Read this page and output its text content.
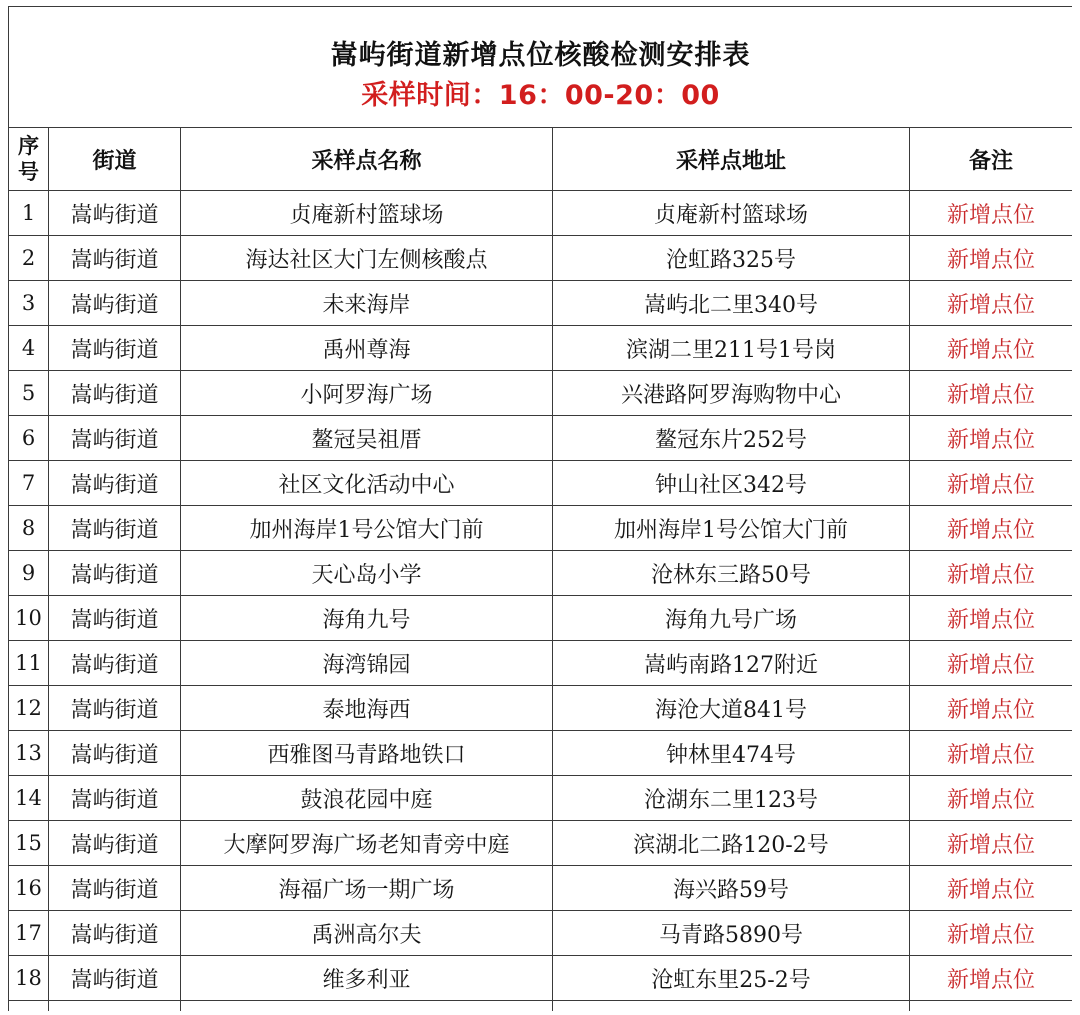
嵩屿街道新增点位核酸检测安排表
采样时间：16：00-20：00				

序号	街道	采样点名称	采样点地址	备注
1	嵩屿街道	贞庵新村篮球场	贞庵新村篮球场	新增点位
2	嵩屿街道	海达社区大门左侧核酸点	沧虹路325号	新增点位
3	嵩屿街道	未来海岸	嵩屿北二里340号	新增点位
4	嵩屿街道	禹州尊海	滨湖二里211号1号岗	新增点位
5	嵩屿街道	小阿罗海广场	兴港路阿罗海购物中心	新增点位
6	嵩屿街道	鳌冠吴祖厝	鳌冠东片252号	新增点位
7	嵩屿街道	社区文化活动中心	钟山社区342号	新增点位
8	嵩屿街道	加州海岸1号公馆大门前	加州海岸1号公馆大门前	新增点位
9	嵩屿街道	天心岛小学	沧林东三路50号	新增点位
10	嵩屿街道	海角九号	海角九号广场	新增点位
11	嵩屿街道	海湾锦园	嵩屿南路127附近	新增点位
12	嵩屿街道	泰地海西	海沧大道841号	新增点位
13	嵩屿街道	西雅图马青路地铁口	钟林里474号	新增点位
14	嵩屿街道	鼓浪花园中庭	沧湖东二里123号	新增点位
15	嵩屿街道	大摩阿罗海广场老知青旁中庭	滨湖北二路120-2号	新增点位
16	嵩屿街道	海福广场一期广场	海兴路59号	新增点位
17	嵩屿街道	禹洲高尔夫	马青路5890号	新增点位
18	嵩屿街道	维多利亚	沧虹东里25-2号	新增点位
